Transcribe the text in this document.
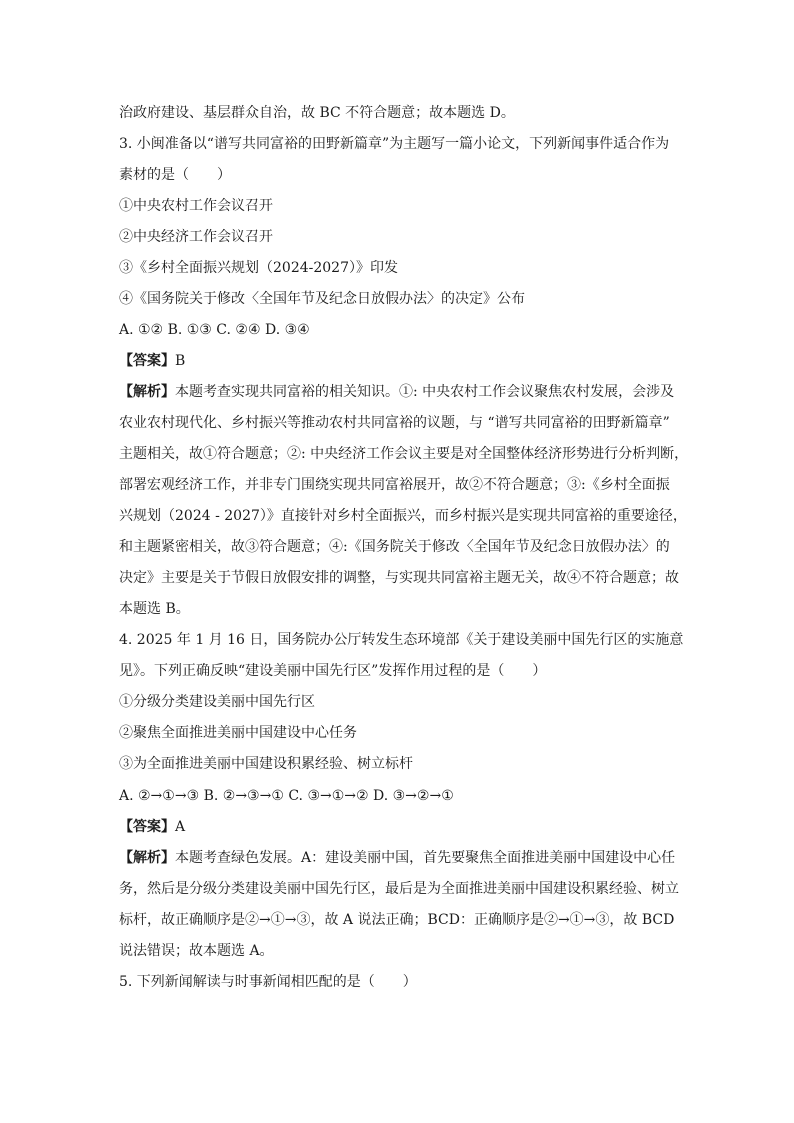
治政府建设、基层群众自治，故 BC 不符合题意；故本题选 D。
3. 小闽准备以“谱写共同富裕的田野新篇章”为主题写一篇小论文，下列新闻事件适合作为
素材的是（　　）
①中央农村工作会议召开
②中央经济工作会议召开
③《乡村全面振兴规划（2024-2027）》印发
④《国务院关于修改〈全国年节及纪念日放假办法〉的决定》公布
A. ①② B. ①③ C. ②④ D. ③④
【答案】B
【解析】本题考查实现共同富裕的相关知识。①: 中央农村工作会议聚焦农村发展，会涉及
农业农村现代化、乡村振兴等推动农村共同富裕的议题，与 “谱写共同富裕的田野新篇章”
主题相关，故①符合题意；②: 中央经济工作会议主要是对全国整体经济形势进行分析判断，
部署宏观经济工作，并非专门围绕实现共同富裕展开，故②不符合题意；③:《乡村全面振
兴规划（2024 - 2027）》直接针对乡村全面振兴，而乡村振兴是实现共同富裕的重要途径，
和主题紧密相关，故③符合题意；④:《国务院关于修改〈全国年节及纪念日放假办法〉的
决定》主要是关于节假日放假安排的调整，与实现共同富裕主题无关，故④不符合题意；故
本题选 B。
4. 2025 年 1 月 16 日，国务院办公厅转发生态环境部《关于建设美丽中国先行区的实施意
见》。下列正确反映“建设美丽中国先行区”发挥作用过程的是（　　）
①分级分类建设美丽中国先行区
②聚焦全面推进美丽中国建设中心任务
③为全面推进美丽中国建设积累经验、树立标杆
A. ②→①→③ B. ②→③→① C. ③→①→② D. ③→②→①
【答案】A
【解析】本题考查绿色发展。A：建设美丽中国，首先要聚焦全面推进美丽中国建设中心任
务，然后是分级分类建设美丽中国先行区，最后是为全面推进美丽中国建设积累经验、树立
标杆，故正确顺序是②→①→③，故 A 说法正确；BCD：正确顺序是②→①→③，故 BCD
说法错误；故本题选 A。
5. 下列新闻解读与时事新闻相匹配的是（　　）
